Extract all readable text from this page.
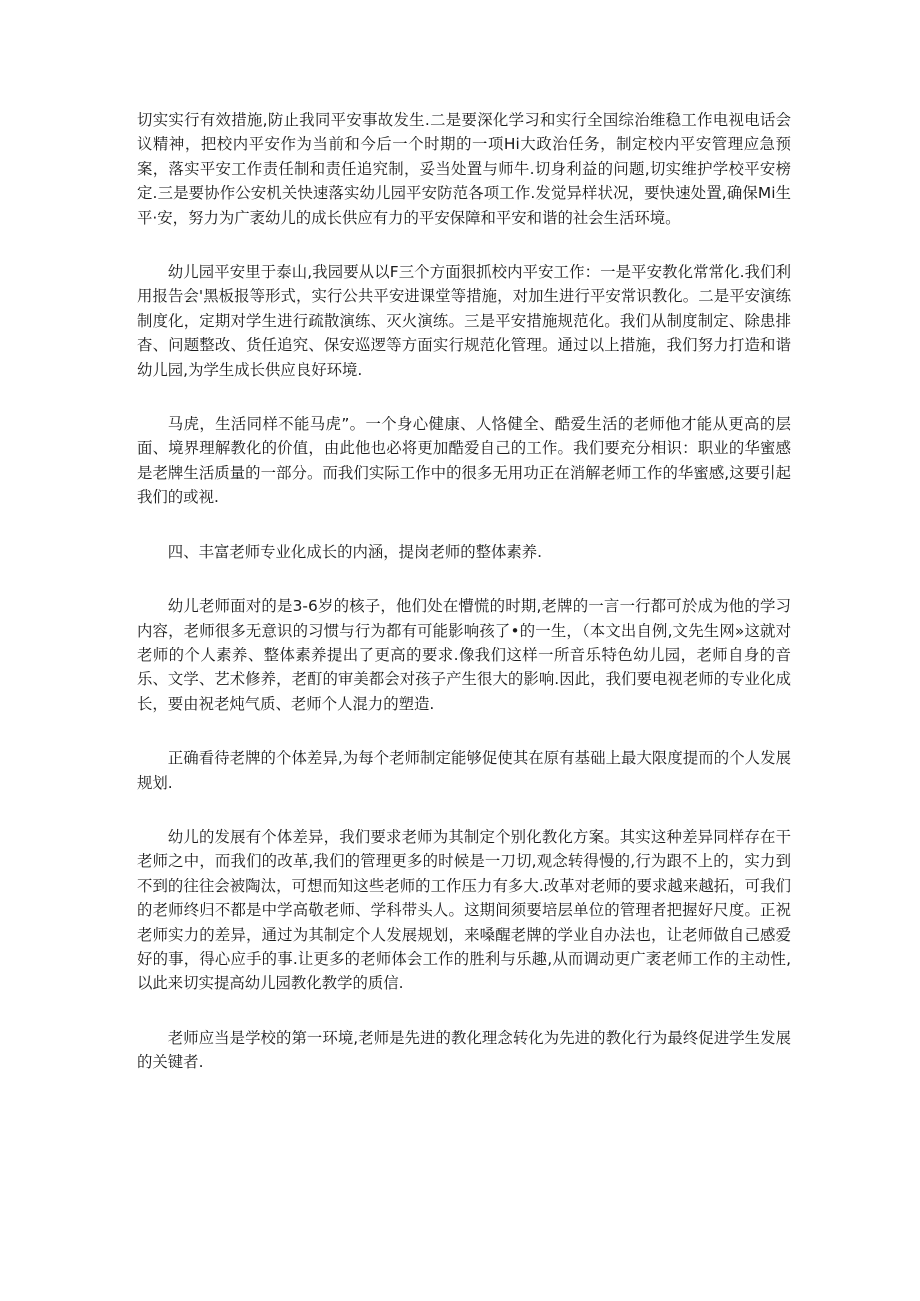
切实实行有效措施,防止我同平安事故发生.二是要深化学习和实行全国综治维稳工作电视电话会议精神，把校内平安作为当前和今后一个时期的一项Hi大政治任务，制定校内平安管理应急预案，落实平安工作责任制和责任追究制，妥当处置与师牛.切身利益的问题,切实维护学校平安榜定.三是要协作公安机关快速落实幼儿园平安防范各项工作.发觉异样状况，要快速处置,确保Mi生平·安，努力为广袤幼儿的成长供应有力的平安保障和平安和谐的社会生活环境。

幼儿园平安里于泰山,我园要从以F三个方面狠抓校内平安工作：一是平安教化常常化.我们利用报告会'黑板报等形式，实行公共平安进课堂等措施，对加生进行平安常识教化。二是平安演练制度化，定期对学生进行疏散演练、灭火演练。三是平安措施规范化。我们从制度制定、除患排杳、问题整改、货任追究、保安巡逻等方面实行规范化管理。通过以上措施，我们努力打造和谐幼儿园,为学生成长供应良好环境.

马虎，生活同样不能马虎”。一个身心健康、人恪健全、酷爱生活的老师他才能从更高的层面、境界理解教化的价值，由此他也必将更加酷爱自己的工作。我们要充分相识：职业的华蜜感是老牌生活质量的一部分。而我们实际工作中的很多无用功正在消解老师工作的华蜜感,这要引起我们的或视.

四、丰富老师专业化成长的内涵，提岗老师的整体素养.

幼儿老师面对的是3-6岁的核子，他们处在懵慌的时期,老牌的一言一行都可於成为他的学习内容，老师很多无意识的习惯与行为都有可能影响孩了•的一生，（本文出自例,文先生网»这就对老师的个人素养、整体素养提出了更高的要求.像我们这样一所音乐特色幼儿园，老师自身的音乐、文学、艺术修养，老酊的审美都会对孩子产生很大的影响.因此，我们要电视老师的专业化成长，要由祝老炖气质、老师个人混力的塑造.

正确看待老牌的个体差异,为每个老师制定能够促使其在原有基础上最大限度提而的个人发展规划.

幼儿的发展有个体差异，我们要求老师为其制定个别化教化方案。其实这种差异同样存在干老师之中，而我们的改革,我们的管理更多的时候是一刀切,观念转得慢的,行为跟不上的，实力到不到的往往会被陶汰，可想而知这些老师的工作压力有多大.改革对老师的要求越来越拓，可我们的老师终归不都是中学高敬老师、学科带头人。这期间须要培层单位的管理者把握好尺度。正祝老师实力的差异，通过为其制定个人发展规划，来嗓醒老牌的学业自办法也，让老师做自己感爱好的事，得心应手的事.让更多的老师体会工作的胜利与乐趣,从而调动更广袤老师工作的主动性,以此来切实提高幼儿园教化教学的质信.

老师应当是学校的第一环境,老师是先进的教化理念转化为先进的教化行为最终促进学生发展的关键者.
